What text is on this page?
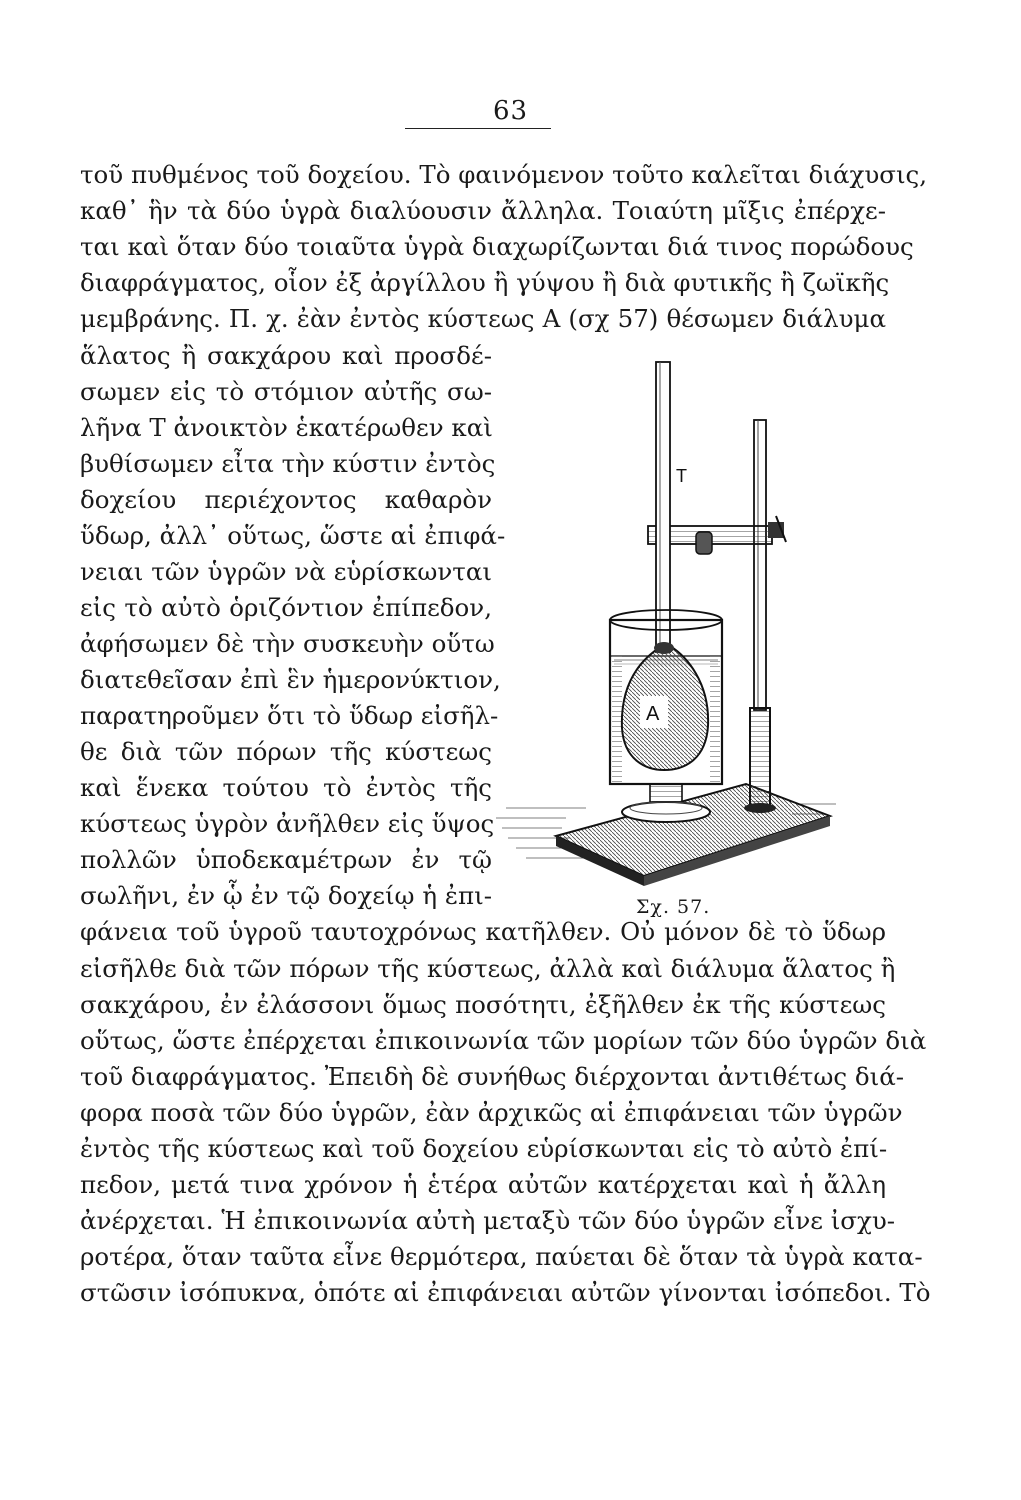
63
τοῦ πυθμένος τοῦ δοχείου. Τὸ φαινόμενον τοῦτο καλεῖται διάχυσις,
καθ᾽ ἣν τὰ δύο ὑγρὰ διαλύουσιν ἄλληλα. Τοιαύτη μῖξις ἐπέρχε-
ται καὶ ὅταν δύο τοιαῦτα ὑγρὰ διαχωρίζωνται διά τινος πορώδους
διαφράγματος, οἷον ἐξ ἀργίλλου ἢ γύψου ἢ διὰ φυτικῆς ἢ ζωϊκῆς
μεμβράνης. Π. χ. ἐὰν ἐντὸς κύστεως Α (σχ 57) θέσωμεν διάλυμα
ἅλατος ἢ σακχάρου καὶ προσδέ-
σωμεν εἰς τὸ στόμιον αὐτῆς σω-
λῆνα Τ ἀνοικτὸν ἑκατέρωθεν καὶ
βυθίσωμεν εἶτα τὴν κύστιν ἐντὸς
δοχείου περιέχοντος καθαρὸν
ὕδωρ, ἀλλ᾽ οὕτως, ὥστε αἱ ἐπιφά-
νειαι τῶν ὑγρῶν νὰ εὑρίσκωνται
εἰς τὸ αὐτὸ ὁριζόντιον ἐπίπεδον,
ἀφήσωμεν δὲ τὴν συσκευὴν οὕτω
διατεθεῖσαν ἐπὶ ἓν ἡμερονύκτιον,
παρατηροῦμεν ὅτι τὸ ὕδωρ εἰσῆλ-
θε διὰ τῶν πόρων τῆς κύστεως
καὶ ἕνεκα τούτου τὸ ἐντὸς τῆς
κύστεως ὑγρὸν ἀνῆλθεν εἰς ὕψος
πολλῶν ὑποδεκαμέτρων ἐν τῷ
σωλῆνι, ἐν ᾧ ἐν τῷ δοχείῳ ἡ ἐπι-
φάνεια τοῦ ὑγροῦ ταυτοχρόνως κατῆλθεν. Οὐ μόνον δὲ τὸ ὕδωρ
εἰσῆλθε διὰ τῶν πόρων τῆς κύστεως, ἀλλὰ καὶ διάλυμα ἅλατος ἢ
σακχάρου, ἐν ἐλάσσονι ὅμως ποσότητι, ἐξῆλθεν ἐκ τῆς κύστεως
οὕτως, ὥστε ἐπέρχεται ἐπικοινωνία τῶν μορίων τῶν δύο ὑγρῶν διὰ
τοῦ διαφράγματος. Ἐπειδὴ δὲ συνήθως διέρχονται ἀντιθέτως διά-
φορα ποσὰ τῶν δύο ὑγρῶν, ἐὰν ἀρχικῶς αἱ ἐπιφάνειαι τῶν ὑγρῶν
ἐντὸς τῆς κύστεως καὶ τοῦ δοχείου εὑρίσκωνται εἰς τὸ αὐτὸ ἐπί-
πεδον, μετά τινα χρόνον ἡ ἑτέρα αὐτῶν κατέρχεται καὶ ἡ ἄλλη
ἀνέρχεται. Ἡ ἐπικοινωνία αὐτὴ μεταξὺ τῶν δύο ὑγρῶν εἶνε ἰσχυ-
ροτέρα, ὅταν ταῦτα εἶνε θερμότερα, παύεται δὲ ὅταν τὰ ὑγρὰ κατα-
στῶσιν ἰσόπυκνα, ὁπότε αἱ ἐπιφάνειαι αὐτῶν γίνονται ἰσόπεδοι. Τὸ
T
A
Σχ. 57.
